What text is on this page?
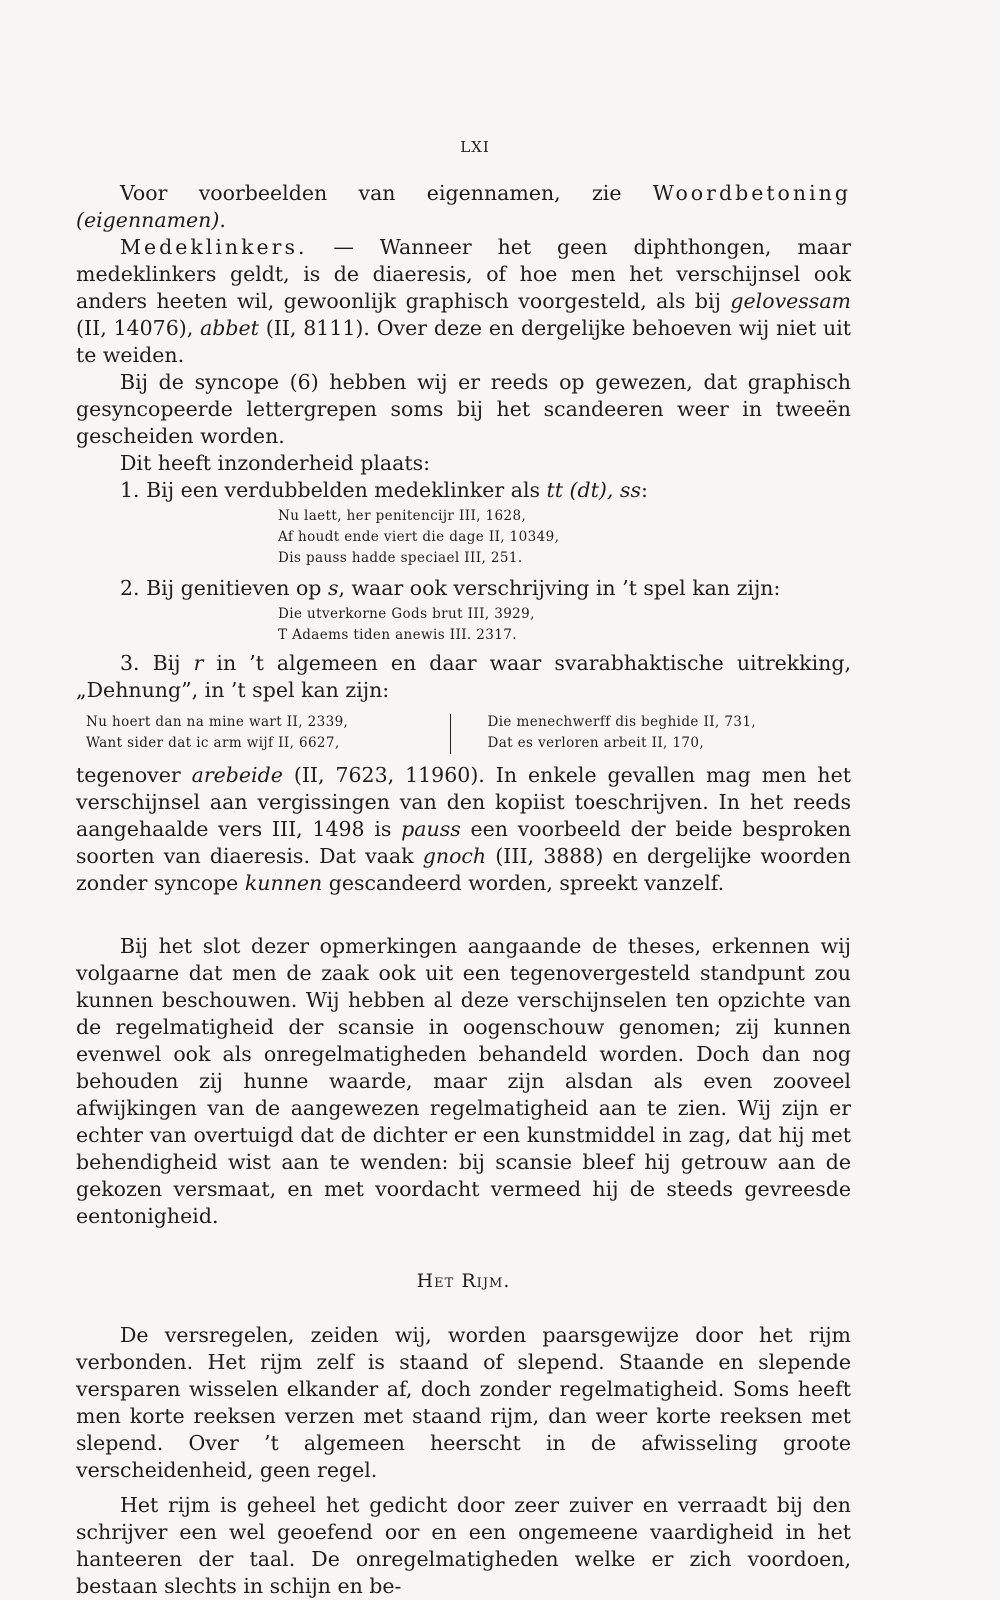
LXI

Voor voorbeelden van eigennamen, zie Woordbetoning (eigennamen).

Medeklinkers. — Wanneer het geen diphthongen, maar medeklinkers geldt, is de diaeresis, of hoe men het verschijnsel ook anders heeten wil, gewoonlijk graphisch voorgesteld, als bij gelovessam (II, 14076), abbet (II, 8111). Over deze en dergelijke behoeven wij niet uit te weiden.

Bij de syncope (6) hebben wij er reeds op gewezen, dat graphisch gesyncopeerde lettergrepen soms bij het scandeeren weer in tweeën gescheiden worden.

Dit heeft inzonderheid plaats:

1. Bij een verdubbelden medeklinker als tt (dt), ss:

Nu laett, her penitencijr III, 1628,
Af houdt ende viert die dage II, 10349,
Dis pauss hadde speciael III, 251.

2. Bij genitieven op s, waar ook verschrijving in ’t spel kan zijn:

Die utverkorne Gods brut III, 3929,
T Adaems tiden anewis III. 2317.

3. Bij r in ’t algemeen en daar waar svarabhaktische uitrekking, „Dehnung”, in ’t spel kan zijn:

Nu hoert dan na mine wart II, 2339,
Want sider dat ic arm wijf II, 6627,
Die menechwerff dis beghide II, 731,
Dat es verloren arbeit II, 170,

tegenover arebeide (II, 7623, 11960). In enkele gevallen mag men het verschijnsel aan vergissingen van den kopiist toeschrijven. In het reeds aangehaalde vers III, 1498 is pauss een voorbeeld der beide besproken soorten van diaeresis. Dat vaak gnoch (III, 3888) en dergelijke woorden zonder syncope kunnen gescandeerd worden, spreekt vanzelf.

Bij het slot dezer opmerkingen aangaande de theses, erkennen wij volgaarne dat men de zaak ook uit een tegenovergesteld standpunt zou kunnen beschouwen. Wij hebben al deze verschijnselen ten opzichte van de regelmatigheid der scansie in oogenschouw genomen; zij kunnen evenwel ook als onregelmatigheden behandeld worden. Doch dan nog behouden zij hunne waarde, maar zijn alsdan als even zooveel afwijkingen van de aangewezen regelmatigheid aan te zien. Wij zijn er echter van overtuigd dat de dichter er een kunstmiddel in zag, dat hij met behendigheid wist aan te wenden: bij scansie bleef hij getrouw aan de gekozen versmaat, en met voordacht vermeed hij de steeds gevreesde eentonigheid.

Het Rijm.

De versregelen, zeiden wij, worden paarsgewijze door het rijm verbonden. Het rijm zelf is staand of slepend. Staande en slepende versparen wisselen elkander af, doch zonder regelmatigheid. Soms heeft men korte reeksen verzen met staand rijm, dan weer korte reeksen met slepend. Over ’t algemeen heerscht in de afwisseling groote verscheidenheid, geen regel.

Het rijm is geheel het gedicht door zeer zuiver en verraadt bij den schrijver een wel geoefend oor en een ongemeene vaardigheid in het hanteeren der taal. De onregelmatigheden welke er zich voordoen, bestaan slechts in schijn en be-
